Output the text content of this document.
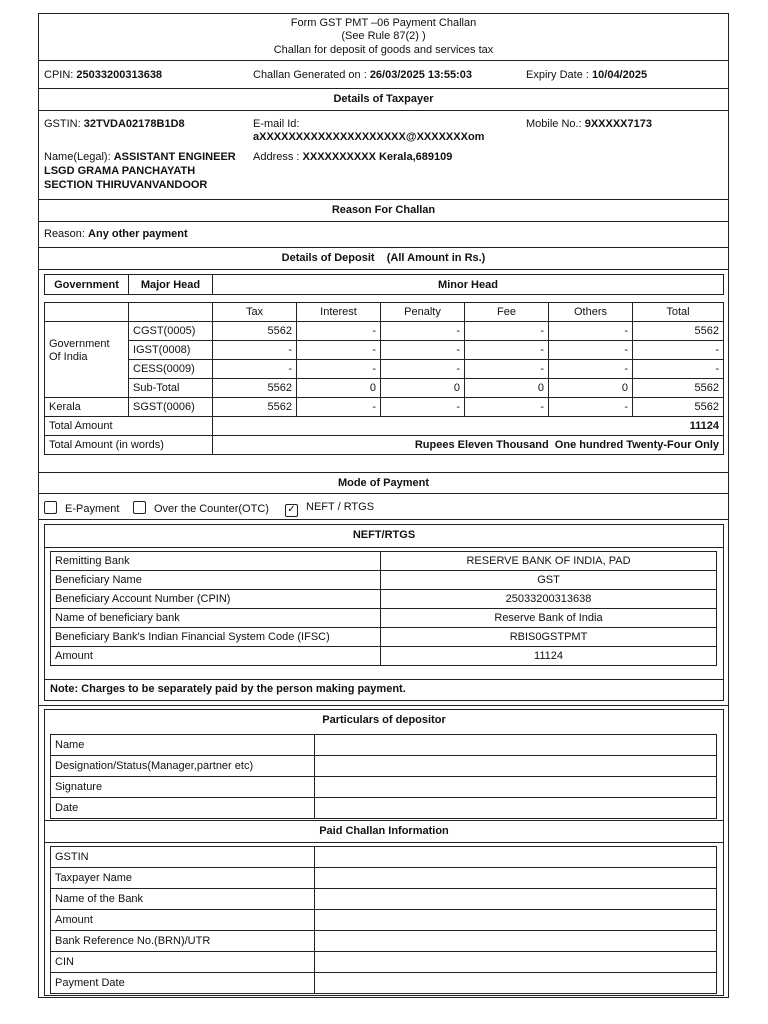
Form GST PMT –06 Payment Challan
(See Rule 87(2) )
Challan for deposit of goods and services tax
CPIN: 25033200313638	Challan Generated on : 26/03/2025 13:55:03	Expiry Date : 10/04/2025
Details of Taxpayer
GSTIN: 32TVDA02178B1D8	E-mail Id:
aXXXXXXXXXXXXXXXXXXXX@XXXXXXXom
Mobile No.: 9XXXXX7173
Name(Legal): ASSISTANT ENGINEER
LSGD GRAMA PANCHAYATH
SECTION THIRUVANVANDOOR
Address : XXXXXXXXXX Kerala,689109
Reason For Challan
Reason: Any other payment
Details of Deposit    (All Amount in Rs.)
Government	Major Head	Minor Head
		Tax	Interest	Penalty	Fee	Others	Total
Government Of India	CGST(0005)	5562	-	-	-	-	5562
	IGST(0008)	-	-	-	-	-	-
	CESS(0009)	-	-	-	-	-	-
	Sub-Total	5562	0	0	0	0	5562
Kerala	SGST(0006)	5562	-	-	-	-	5562
Total Amount		11124					
Total Amount (in words)		Rupees Eleven Thousand  One hundred Twenty-Four Only					
Mode of Payment
E-Payment	Over the Counter(OTC) ✓ NEFT / RTGS
NEFT/RTGS
Remitting Bank	RESERVE BANK OF INDIA, PAD
Beneficiary Name	GST
Beneficiary Account Number (CPIN)	25033200313638
Name of beneficiary bank	Reserve Bank of India
Beneficiary Bank's Indian Financial System Code (IFSC)	RBIS0GSTPMT
Amount	11124
Note: Charges to be separately paid by the person making payment.
Particulars of depositor
Name	
Designation/Status(Manager,partner etc)	
Signature	
Date	
Paid Challan Information
GSTIN	
Taxpayer Name	
Name of the Bank	
Amount	
Bank Reference No.(BRN)/UTR	
CIN	
Payment Date	
